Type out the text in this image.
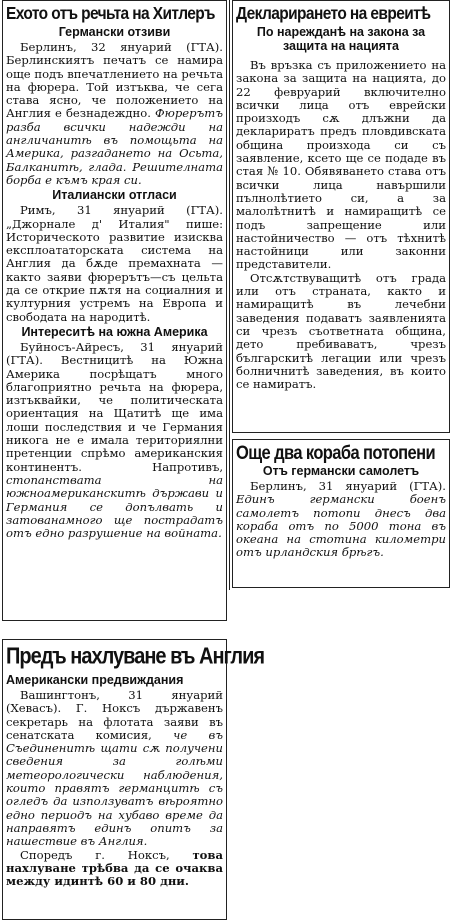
Ехото отъ речьта на Хитлеръ
Германски отзиви

Берлинъ, 32 януарий (ГТА). Берлинскиятъ печатъ се намира още подъ впечатлението на речьта на фюрера. Той изтъква, че сега става ясно, че положението на Англия е безнадеждно. Фюрерътъ разба всички надежди на англичанитѣ въ помощьта на Америка, разгадането на Осьта, Балканитѣ, глада. Решителната борба е къмъ края си.

Италиански отгласи

Римъ, 31 януарий (ГТА). „Джорнале д' Италия" пише: Историческото развитие изисква експлоататорската система на Англия да бѫде премахната — както заяви фюрерътъ—съ цельта да се открие пѫтя на социалния и културния устремъ на Европа и свободата на народитѣ.

Интереситѣ на южна Америка

Буйносъ-Айресъ, 31 януарий (ГТА). Вестницитѣ на Южна Америка посрѣщатъ много благоприятно речьта на фюрера, изтъквайки, че политическата ориентация на Щатитѣ ще има лоши последствия и че Германия никога не е имала териториялни претенции спрѣмо американския континентъ. Напротивъ, стопанствата на южноамериканскитѣ държави и Германия се допълвать и затованамного ще пострадатъ отъ едно разрушение на войната.

Предъ нахлуване въ Англия
Американски предвиждания

Вашингтонъ, 31 януарий (Хевасъ). Г. Ноксъ държавенъ секретарь на флотата заяви въ сенатската комисия, че въ Съединенитѣ щати сѫ получени сведения за голѣми метеорологически наблюдения, които правятъ германцитѣ съ огледъ да използуватъ вѣроятно едно периодъ на хубаво време да направятъ единъ опитъ за нашествие въ Англия.

Споредъ г. Ноксъ, това нахлуване трѣбва да се очаква между идинтѣ 60 и 80 дни.

Декларирането на евреитѣ
По нарежданѣ на закона за защита на нацията

Въ връзка съ приложението на закона за защита на нацията, до 22 февруарий включително всички лица отъ еврейски произходъ сѫ длъжни да деклариратъ предъ пловдивската община произхода си съ заявление, ксето ще се подаде въ стая № 10. Обявяването става отъ всички лица навършили пълнолѣтието си, а за малолѣтнитѣ и намиращитѣ се подъ запрещение или настойничество — отъ тѣхнитѣ настойници или законни представители.

Отсѫтствуващитѣ отъ града или отъ страната, както и намиращитѣ въ лечебни заведения подаватъ заявленията си чрезъ съответната община, дето пребиваватъ, чрезъ българскитѣ легации или чрезъ болничнитѣ заведения, въ които се намиратъ.

Още два кораба потопени
Отъ германски самолетъ

Берлинъ, 31 януарий (ГТА). Единъ германски боенъ самолетъ потопи днесъ два кораба отъ по 5000 тона въ океана на стотина километри отъ ирландския брѣгъ.
